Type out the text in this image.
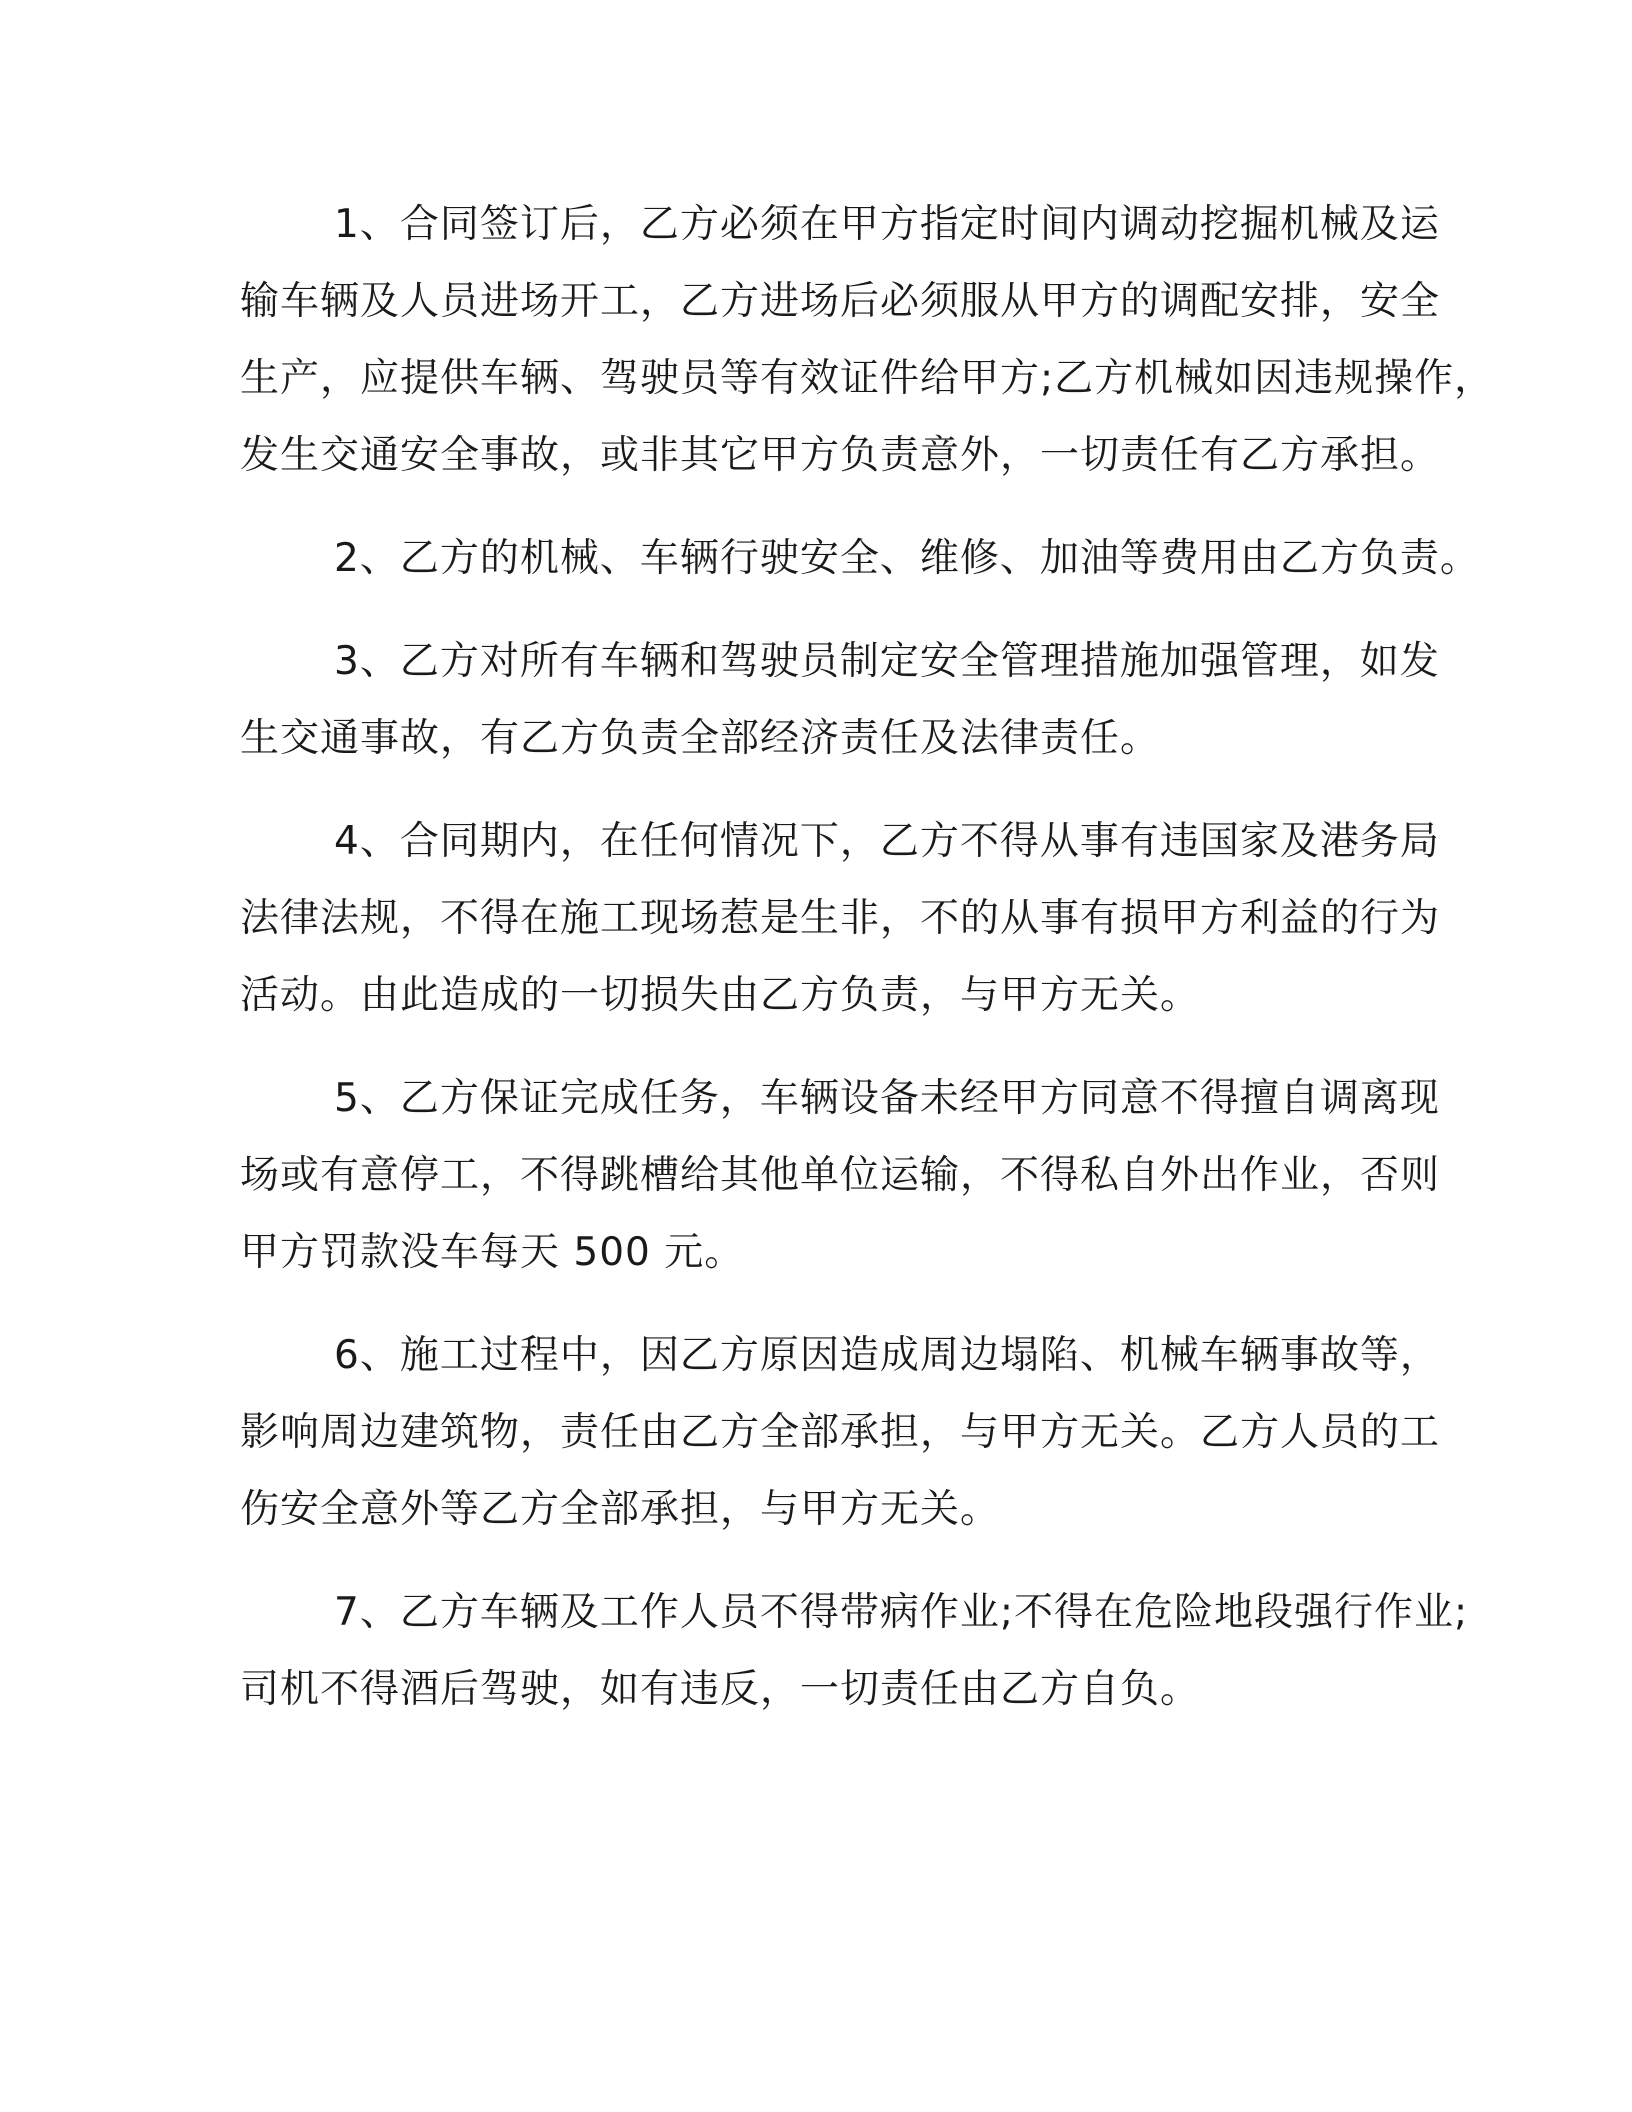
1、合同签订后，乙方必须在甲方指定时间内调动挖掘机械及运
输车辆及人员进场开工，乙方进场后必须服从甲方的调配安排，安全
生产，应提供车辆、驾驶员等有效证件给甲方;乙方机械如因违规操作，
发生交通安全事故，或非其它甲方负责意外，一切责任有乙方承担。

2、乙方的机械、车辆行驶安全、维修、加油等费用由乙方负责。

3、乙方对所有车辆和驾驶员制定安全管理措施加强管理，如发
生交通事故，有乙方负责全部经济责任及法律责任。

4、合同期内，在任何情况下，乙方不得从事有违国家及港务局
法律法规，不得在施工现场惹是生非，不的从事有损甲方利益的行为
活动。由此造成的一切损失由乙方负责，与甲方无关。

5、乙方保证完成任务，车辆设备未经甲方同意不得擅自调离现
场或有意停工，不得跳槽给其他单位运输，不得私自外出作业，否则
甲方罚款没车每天 500 元。

6、施工过程中，因乙方原因造成周边塌陷、机械车辆事故等，
影响周边建筑物，责任由乙方全部承担，与甲方无关。乙方人员的工
伤安全意外等乙方全部承担，与甲方无关。

7、乙方车辆及工作人员不得带病作业;不得在危险地段强行作业;
司机不得酒后驾驶，如有违反，一切责任由乙方自负。
